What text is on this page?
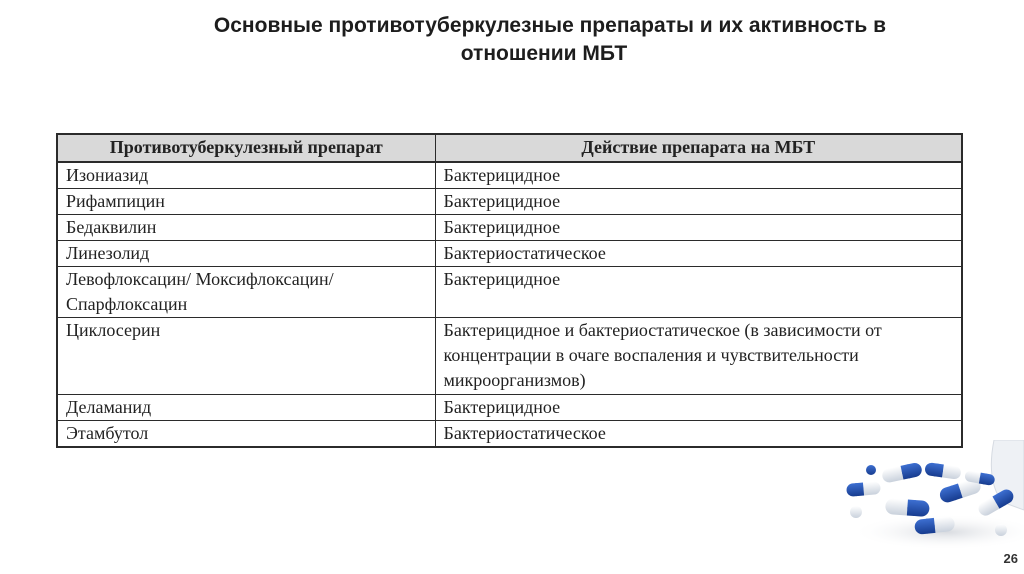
Основные противотуберкулезные препараты и их активность в
отношении МБТ
Противотуберкулезный препарат	Действие препарата на МБТ
Изониазид	Бактерицидное
Рифампицин	Бактерицидное
Бедаквилин	Бактерицидное
Линезолид	Бактериостатическое
Левофлоксацин/ Моксифлоксацин/ Спарфлоксацин	Бактерицидное
Циклосерин	Бактерицидное и бактериостатическое (в зависимости от концентрации в очаге воспаления и чувствительности микроорганизмов)
Деламанид	Бактерицидное
Этамбутол	Бактериостатическое
26
